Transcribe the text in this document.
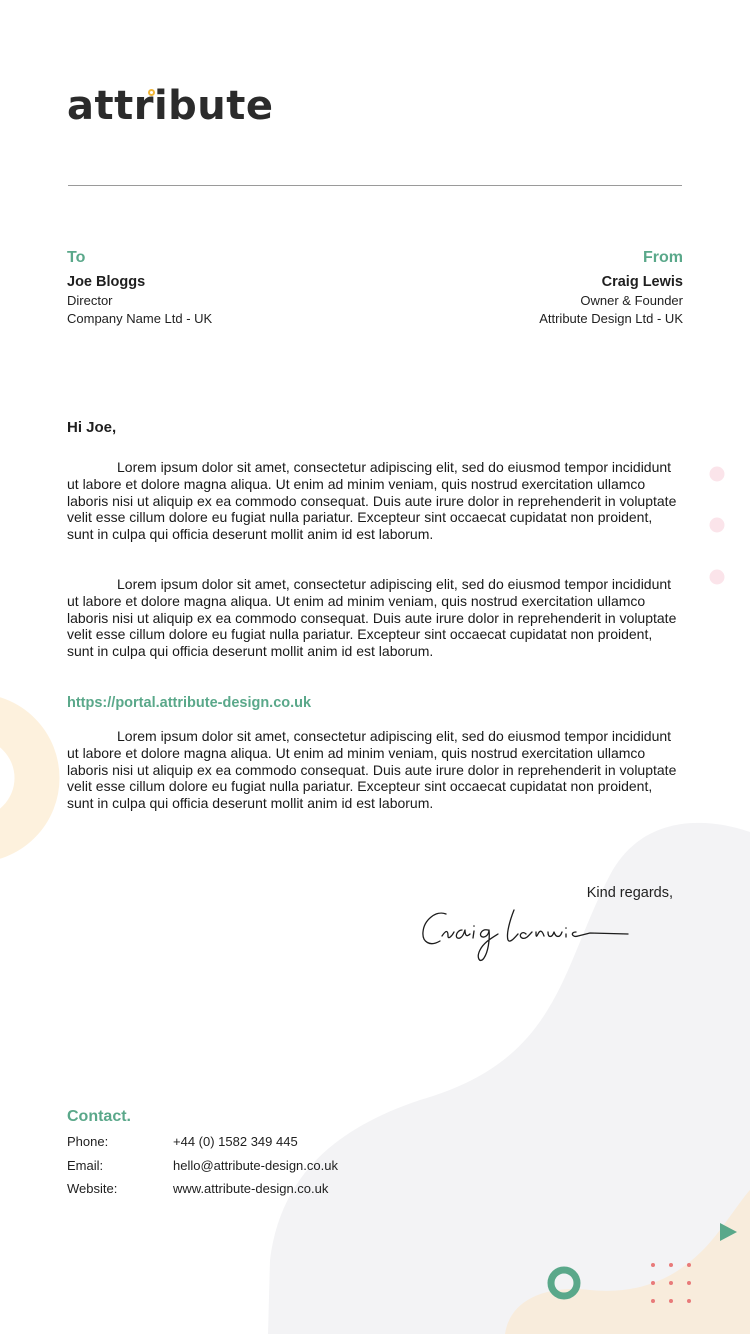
attribute
To
Joe Bloggs
Director
Company Name Ltd - UK
From
Craig Lewis
Owner & Founder
Attribute Design Ltd - UK
Hi Joe,

Lorem ipsum dolor sit amet, consectetur adipiscing elit, sed do eiusmod tempor incididunt ut labore et dolore magna aliqua. Ut enim ad minim veniam, quis nostrud exercitation ullamco laboris nisi ut aliquip ex ea commodo consequat. Duis aute irure dolor in reprehenderit in voluptate velit esse cillum dolore eu fugiat nulla pariatur. Excepteur sint occaecat cupidatat non proident, sunt in culpa qui officia deserunt mollit anim id est laborum.

Lorem ipsum dolor sit amet, consectetur adipiscing elit, sed do eiusmod tempor incididunt ut labore et dolore magna aliqua. Ut enim ad minim veniam, quis nostrud exercitation ullamco laboris nisi ut aliquip ex ea commodo consequat. Duis aute irure dolor in reprehenderit in voluptate velit esse cillum dolore eu fugiat nulla pariatur. Excepteur sint occaecat cupidatat non proident, sunt in culpa qui officia deserunt mollit anim id est laborum.

https://portal.attribute-design.co.uk

Lorem ipsum dolor sit amet, consectetur adipiscing elit, sed do eiusmod tempor incididunt ut labore et dolore magna aliqua. Ut enim ad minim veniam, quis nostrud exercitation ullamco laboris nisi ut aliquip ex ea commodo consequat. Duis aute irure dolor in reprehenderit in voluptate velit esse cillum dolore eu fugiat nulla pariatur. Excepteur sint occaecat cupidatat non proident, sunt in culpa qui officia deserunt mollit anim id est laborum.

Kind regards,
Contact.
Phone:	+44 (0) 1582 349 445
Email:	hello@attribute-design.co.uk
Website:	www.attribute-design.co.uk
